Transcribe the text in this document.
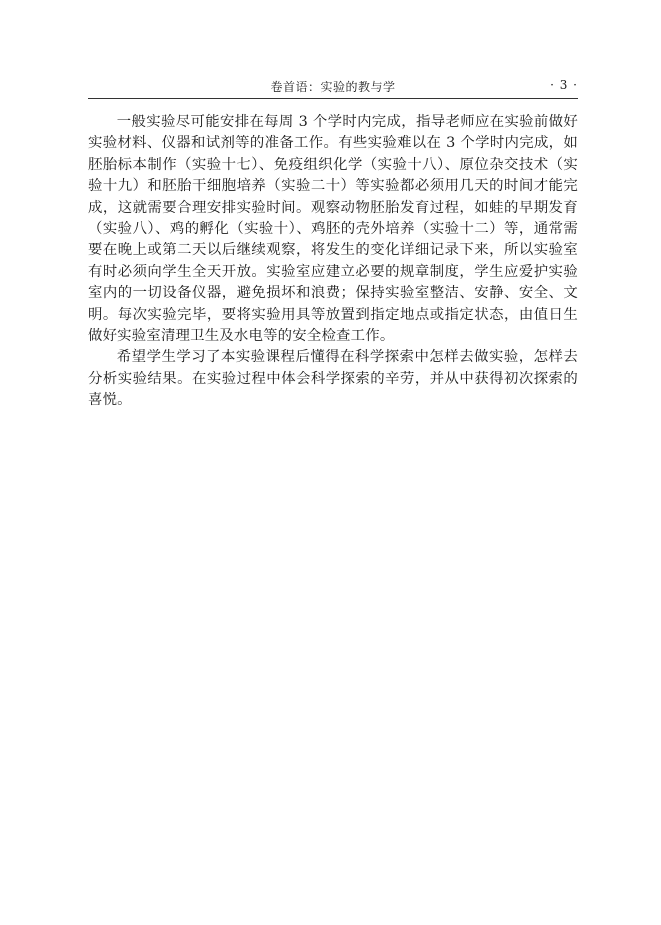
卷首语：实验的教与学	· 3 ·

一般实验尽可能安排在每周 3 个学时内完成，指导老师应在实验前做好实验材料、仪器和试剂等的准备工作。有些实验难以在 3 个学时内完成，如胚胎标本制作（实验十七）、免疫组织化学（实验十八）、原位杂交技术（实验十九）和胚胎干细胞培养（实验二十）等实验都必须用几天的时间才能完成，这就需要合理安排实验时间。观察动物胚胎发育过程，如蛙的早期发育（实验八）、鸡的孵化（实验十）、鸡胚的壳外培养（实验十二）等，通常需要在晚上或第二天以后继续观察，将发生的变化详细记录下来，所以实验室有时必须向学生全天开放。实验室应建立必要的规章制度，学生应爱护实验室内的一切设备仪器，避免损坏和浪费；保持实验室整洁、安静、安全、文明。每次实验完毕，要将实验用具等放置到指定地点或指定状态，由值日生做好实验室清理卫生及水电等的安全检查工作。

希望学生学习了本实验课程后懂得在科学探索中怎样去做实验，怎样去分析实验结果。在实验过程中体会科学探索的辛劳，并从中获得初次探索的喜悦。
